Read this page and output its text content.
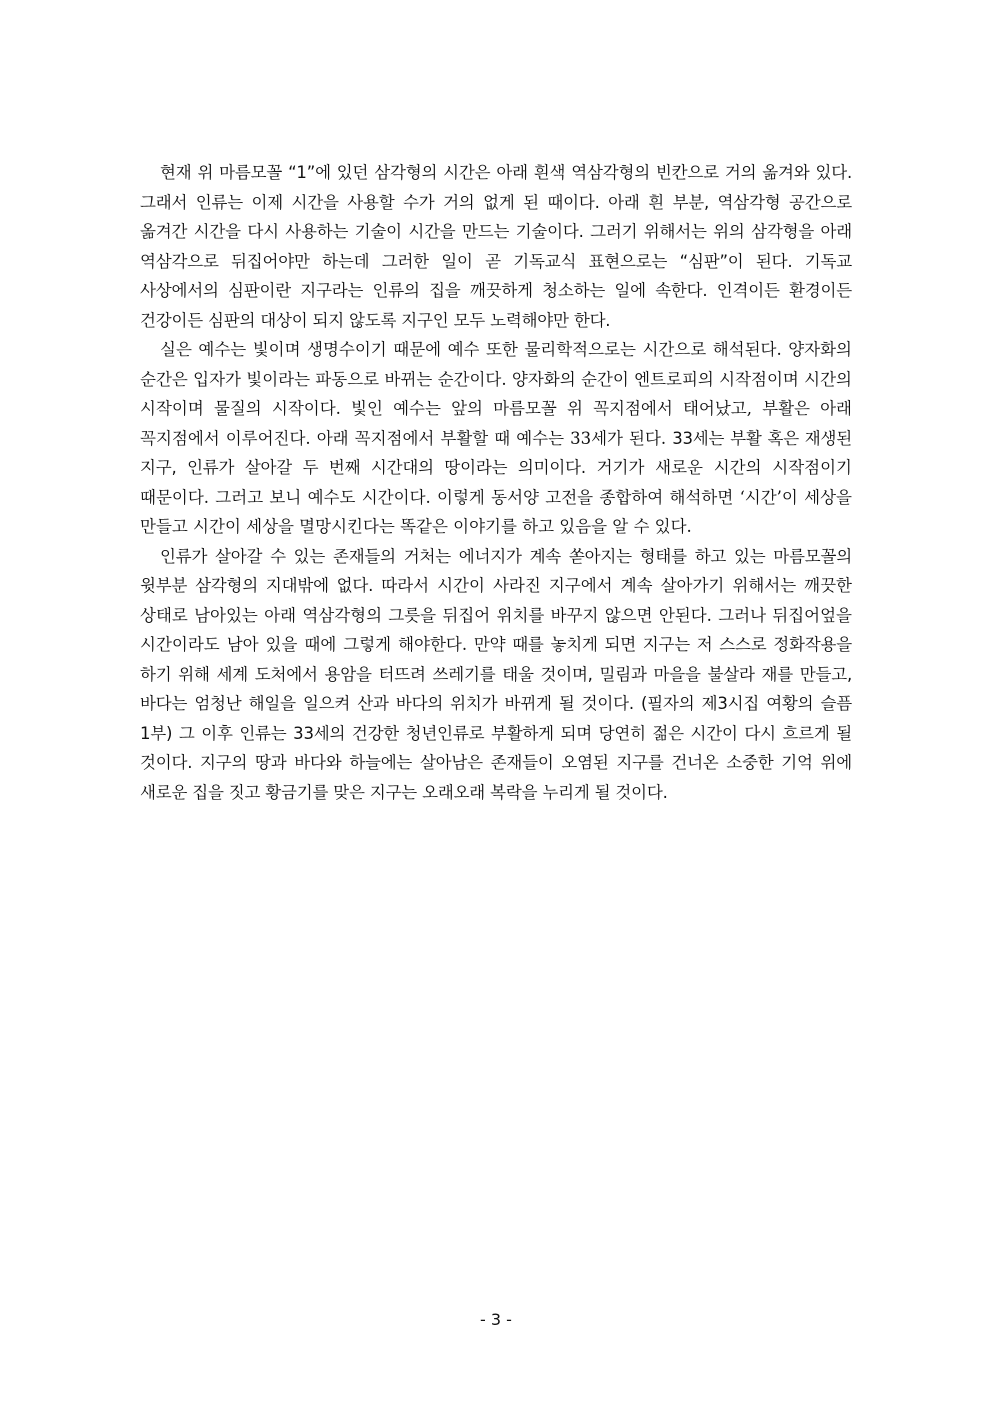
현재 위 마름모꼴 “1”에 있던 삼각형의 시간은 아래 흰색 역삼각형의 빈칸으로 거의 옮겨와 있다. 그래서 인류는 이제 시간을 사용할 수가 거의 없게 된 때이다. 아래 흰 부분, 역삼각형 공간으로 옮겨간 시간을 다시 사용하는 기술이 시간을 만드는 기술이다. 그러기 위해서는 위의 삼각형을 아래 역삼각으로 뒤집어야만 하는데 그러한 일이 곧 기독교식 표현으로는 “심판”이 된다. 기독교 사상에서의 심판이란 지구라는 인류의 집을 깨끗하게 청소하는 일에 속한다. 인격이든 환경이든 건강이든 심판의 대상이 되지 않도록 지구인 모두 노력해야만 한다.

실은 예수는 빛이며 생명수이기 때문에 예수 또한 물리학적으로는 시간으로 해석된다. 양자화의 순간은 입자가 빛이라는 파동으로 바뀌는 순간이다. 양자화의 순간이 엔트로피의 시작점이며 시간의 시작이며 물질의 시작이다. 빛인 예수는 앞의 마름모꼴 위 꼭지점에서 태어났고, 부활은 아래 꼭지점에서 이루어진다. 아래 꼭지점에서 부활할 때 예수는 33세가 된다. 33세는 부활 혹은 재생된 지구, 인류가 살아갈 두 번째 시간대의 땅이라는 의미이다. 거기가 새로운 시간의 시작점이기 때문이다. 그러고 보니 예수도 시간이다. 이렇게 동서양 고전을 종합하여 해석하면 ‘시간’이 세상을 만들고 시간이 세상을 멸망시킨다는 똑같은 이야기를 하고 있음을 알 수 있다.

인류가 살아갈 수 있는 존재들의 거처는 에너지가 계속 쏟아지는 형태를 하고 있는 마름모꼴의 윗부분 삼각형의 지대밖에 없다. 따라서 시간이 사라진 지구에서 계속 살아가기 위해서는 깨끗한 상태로 남아있는 아래 역삼각형의 그릇을 뒤집어 위치를 바꾸지 않으면 안된다. 그러나 뒤집어엎을 시간이라도 남아 있을 때에 그렇게 해야한다. 만약 때를 놓치게 되면 지구는 저 스스로 정화작용을 하기 위해 세계 도처에서 용암을 터뜨려 쓰레기를 태울 것이며, 밀림과 마을을 불살라 재를 만들고, 바다는 엄청난 해일을 일으켜 산과 바다의 위치가 바뀌게 될 것이다. (필자의 제3시집 여황의 슬픔 1부) 그 이후 인류는 33세의 건강한 청년인류로 부활하게 되며 당연히 젊은 시간이 다시 흐르게 될 것이다. 지구의 땅과 바다와 하늘에는 살아남은 존재들이 오염된 지구를 건너온 소중한 기억 위에 새로운 집을 짓고 황금기를 맞은 지구는 오래오래 복락을 누리게 될 것이다.

- 3 -
